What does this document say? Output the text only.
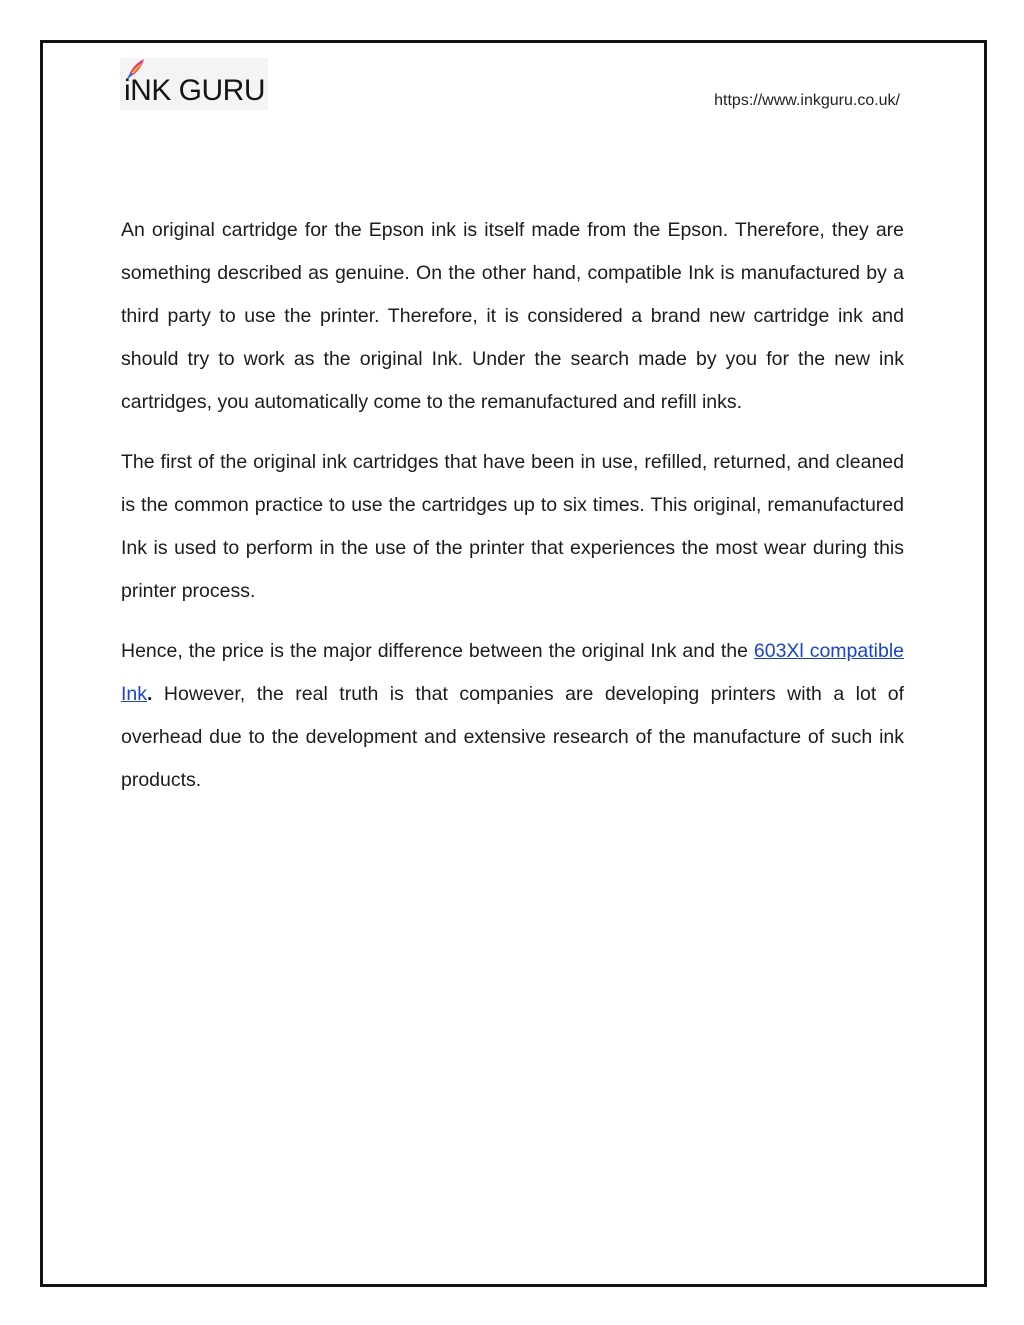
iNK GURU	https://www.inkguru.co.uk/

An original cartridge for the Epson ink is itself made from the Epson. Therefore, they are something described as genuine. On the other hand, compatible Ink is manufactured by a third party to use the printer. Therefore, it is considered a brand new cartridge ink and should try to work as the original Ink. Under the search made by you for the new ink cartridges, you automatically come to the remanufactured and refill inks.

The first of the original ink cartridges that have been in use, refilled, returned, and cleaned is the common practice to use the cartridges up to six times. This original, remanufactured Ink is used to perform in the use of the printer that experiences the most wear during this printer process.

Hence, the price is the major difference between the original Ink and the 603Xl compatible Ink. However, the real truth is that companies are developing printers with a lot of overhead due to the development and extensive research of the manufacture of such ink products.
